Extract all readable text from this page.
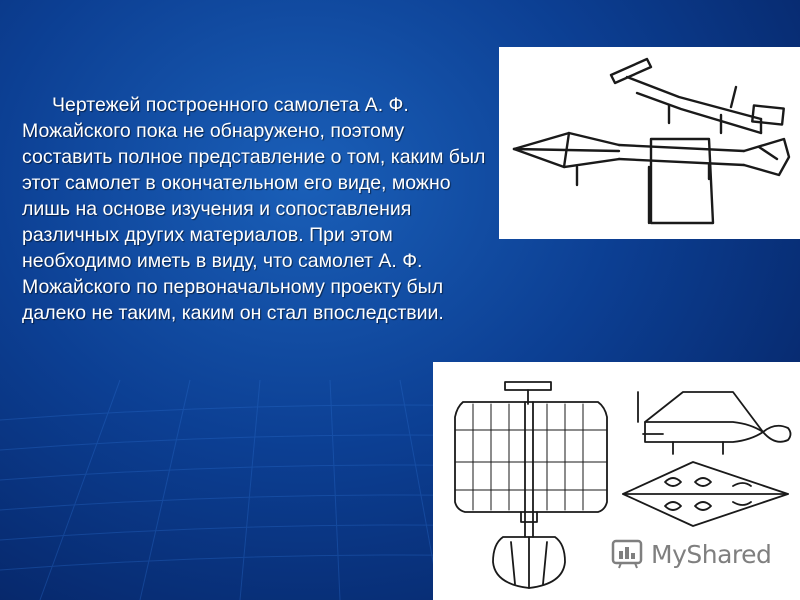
Чертежей построенного самолета А. Ф. Можайского пока не обнаружено, поэтому составить полное представление о том, каким был этот самолет в окончательном его виде, можно лишь на основе изучения и сопоставления различных других материалов. При этом необходимо иметь в виду, что самолет А. Ф. Можайского по первоначальному проекту был далеко не таким, каким он стал впоследствии.

MyShared
